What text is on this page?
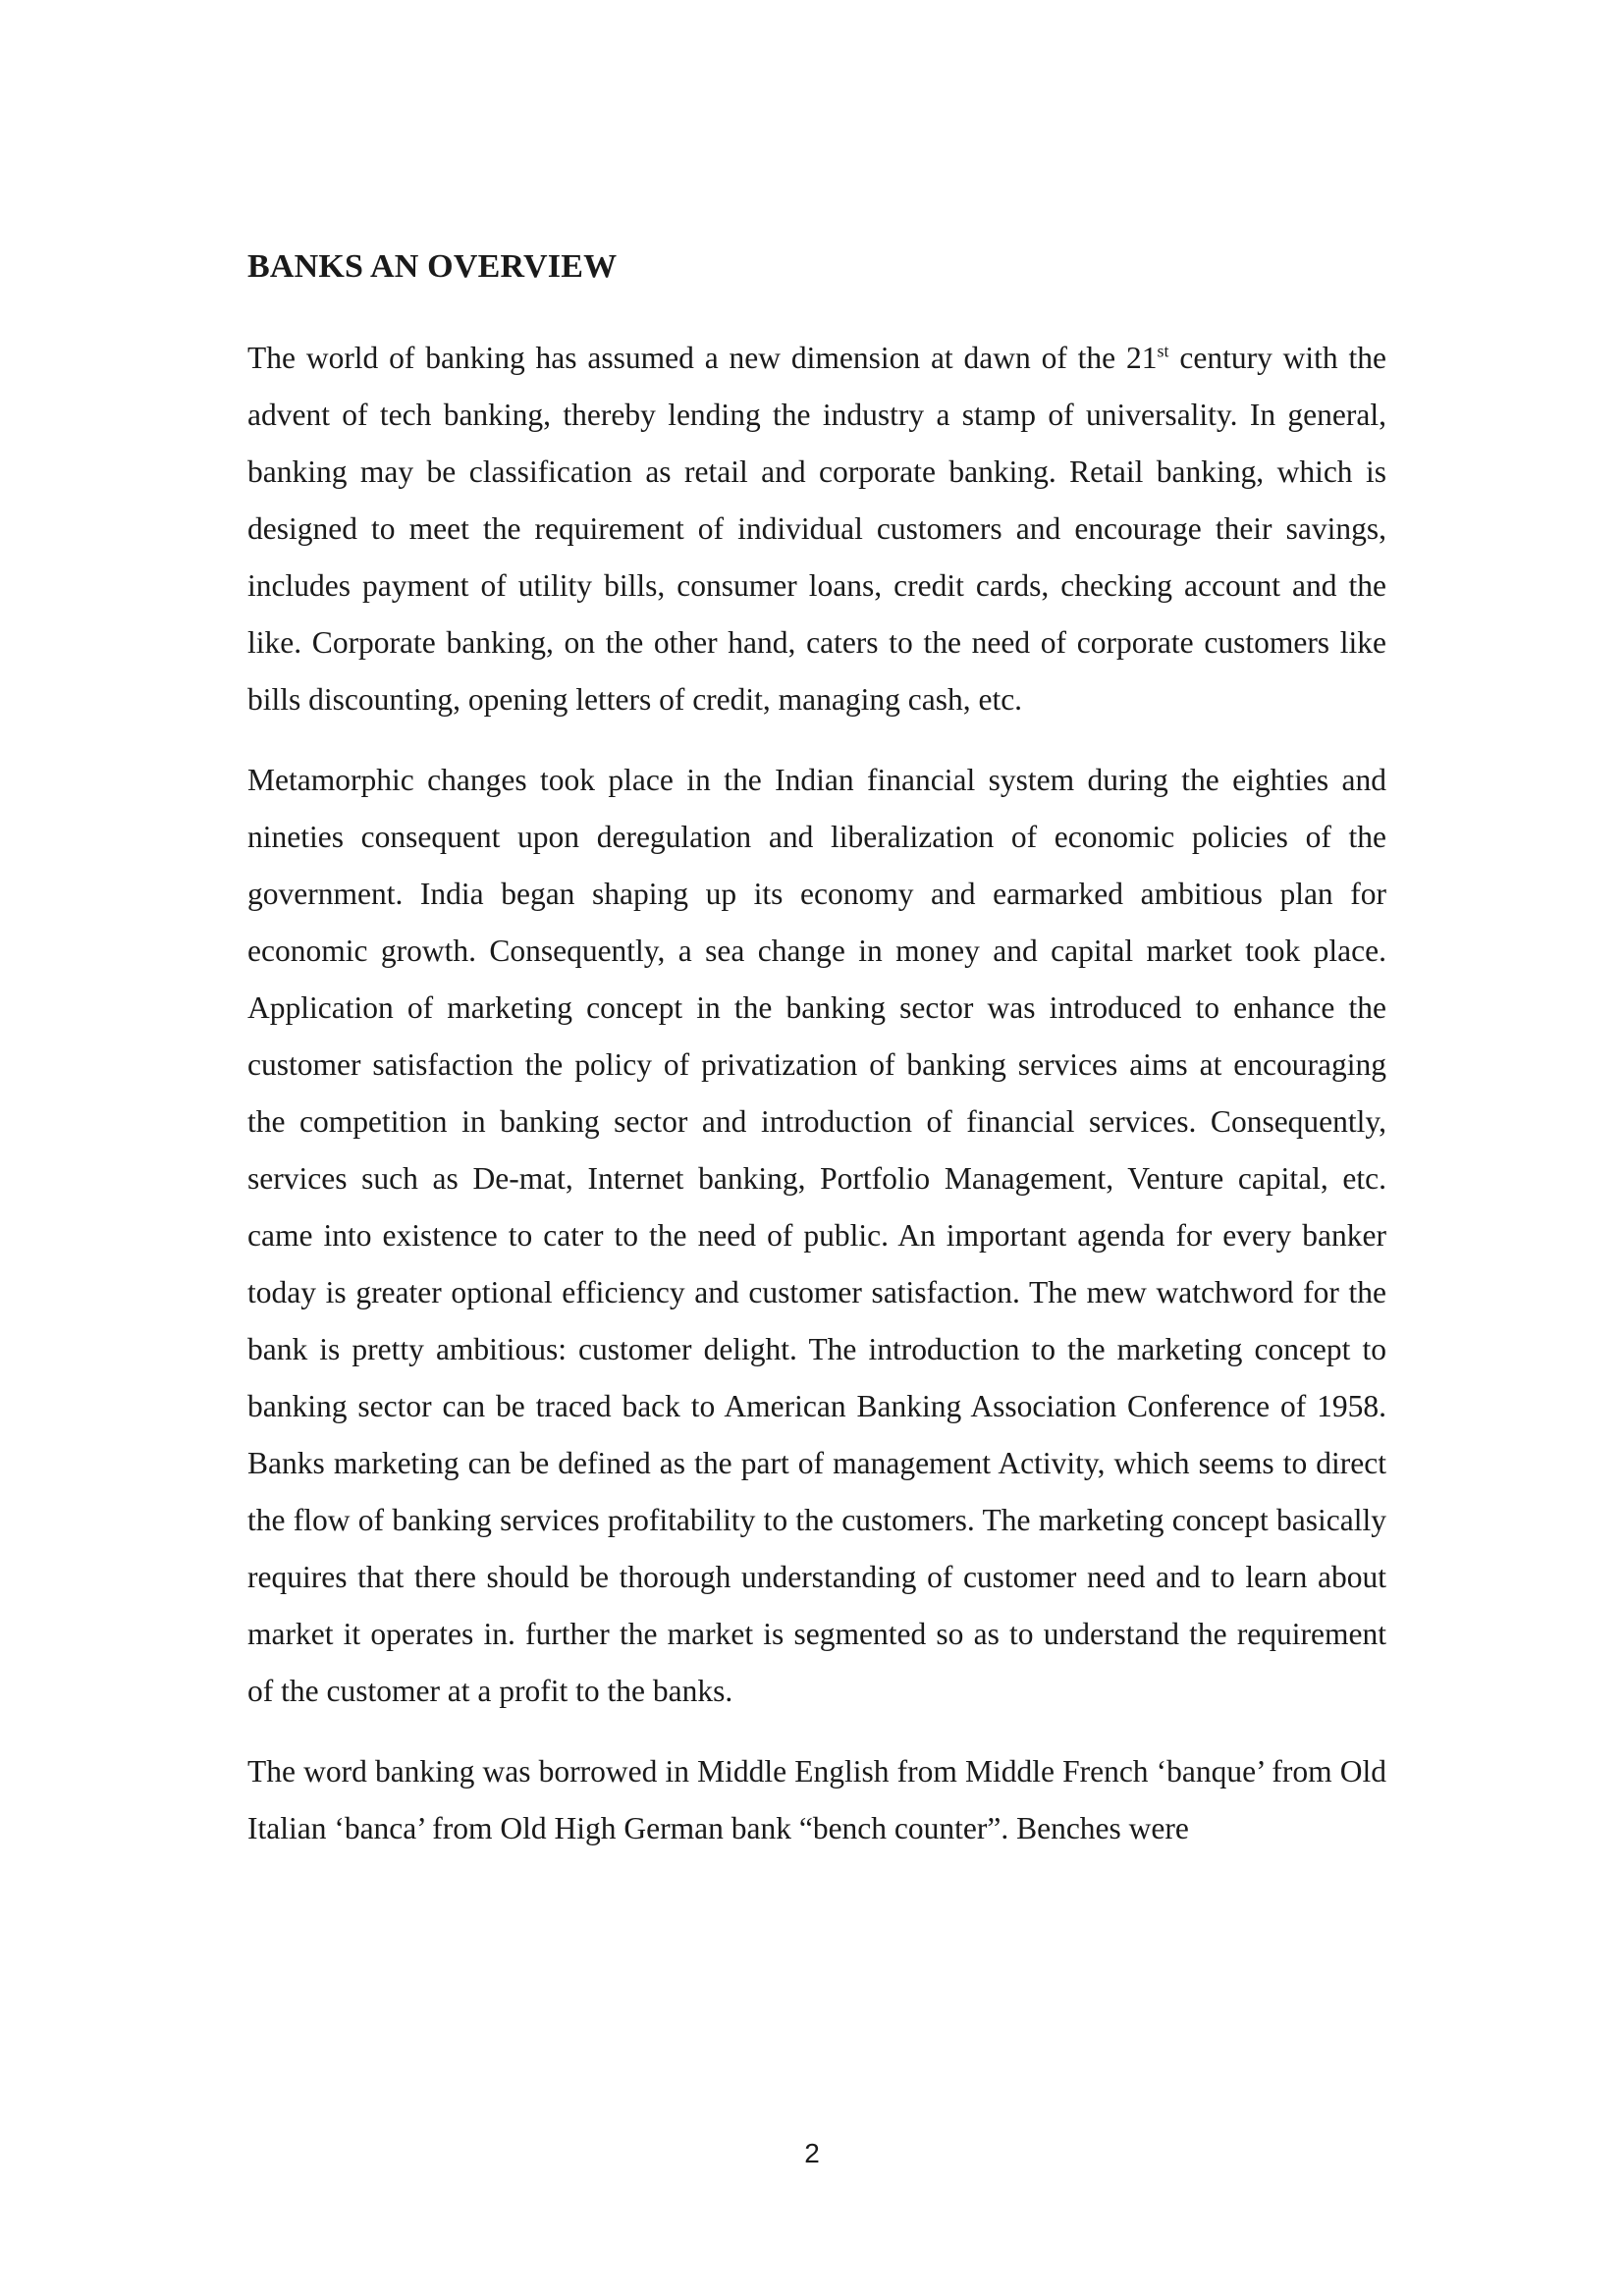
BANKS AN OVERVIEW

The world of banking has assumed a new dimension at dawn of the 21st century with the advent of tech banking, thereby lending the industry a stamp of universality. In general, banking may be classification as retail and corporate banking. Retail banking, which is designed to meet the requirement of individual customers and encourage their savings, includes payment of utility bills, consumer loans, credit cards, checking account and the like. Corporate banking, on the other hand, caters to the need of corporate customers like bills discounting, opening letters of credit, managing cash, etc.

Metamorphic changes took place in the Indian financial system during the eighties and nineties consequent upon deregulation and liberalization of economic policies of the government. India began shaping up its economy and earmarked ambitious plan for economic growth. Consequently, a sea change in money and capital market took place. Application of marketing concept in the banking sector was introduced to enhance the customer satisfaction the policy of privatization of banking services aims at encouraging the competition in banking sector and introduction of financial services. Consequently, services such as De-mat, Internet banking, Portfolio Management, Venture capital, etc. came into existence to cater to the need of public. An important agenda for every banker today is greater optional efficiency and customer satisfaction. The mew watchword for the bank is pretty ambitious: customer delight. The introduction to the marketing concept to banking sector can be traced back to American Banking Association Conference of 1958. Banks marketing can be defined as the part of management Activity, which seems to direct the flow of banking services profitability to the customers. The marketing concept basically requires that there should be thorough understanding of customer need and to learn about market it operates in. further the market is segmented so as to understand the requirement of the customer at a profit to the banks.

The word banking was borrowed in Middle English from Middle French ‘banque’ from Old Italian ‘banca’ from Old High German bank “bench counter”. Benches were

2
